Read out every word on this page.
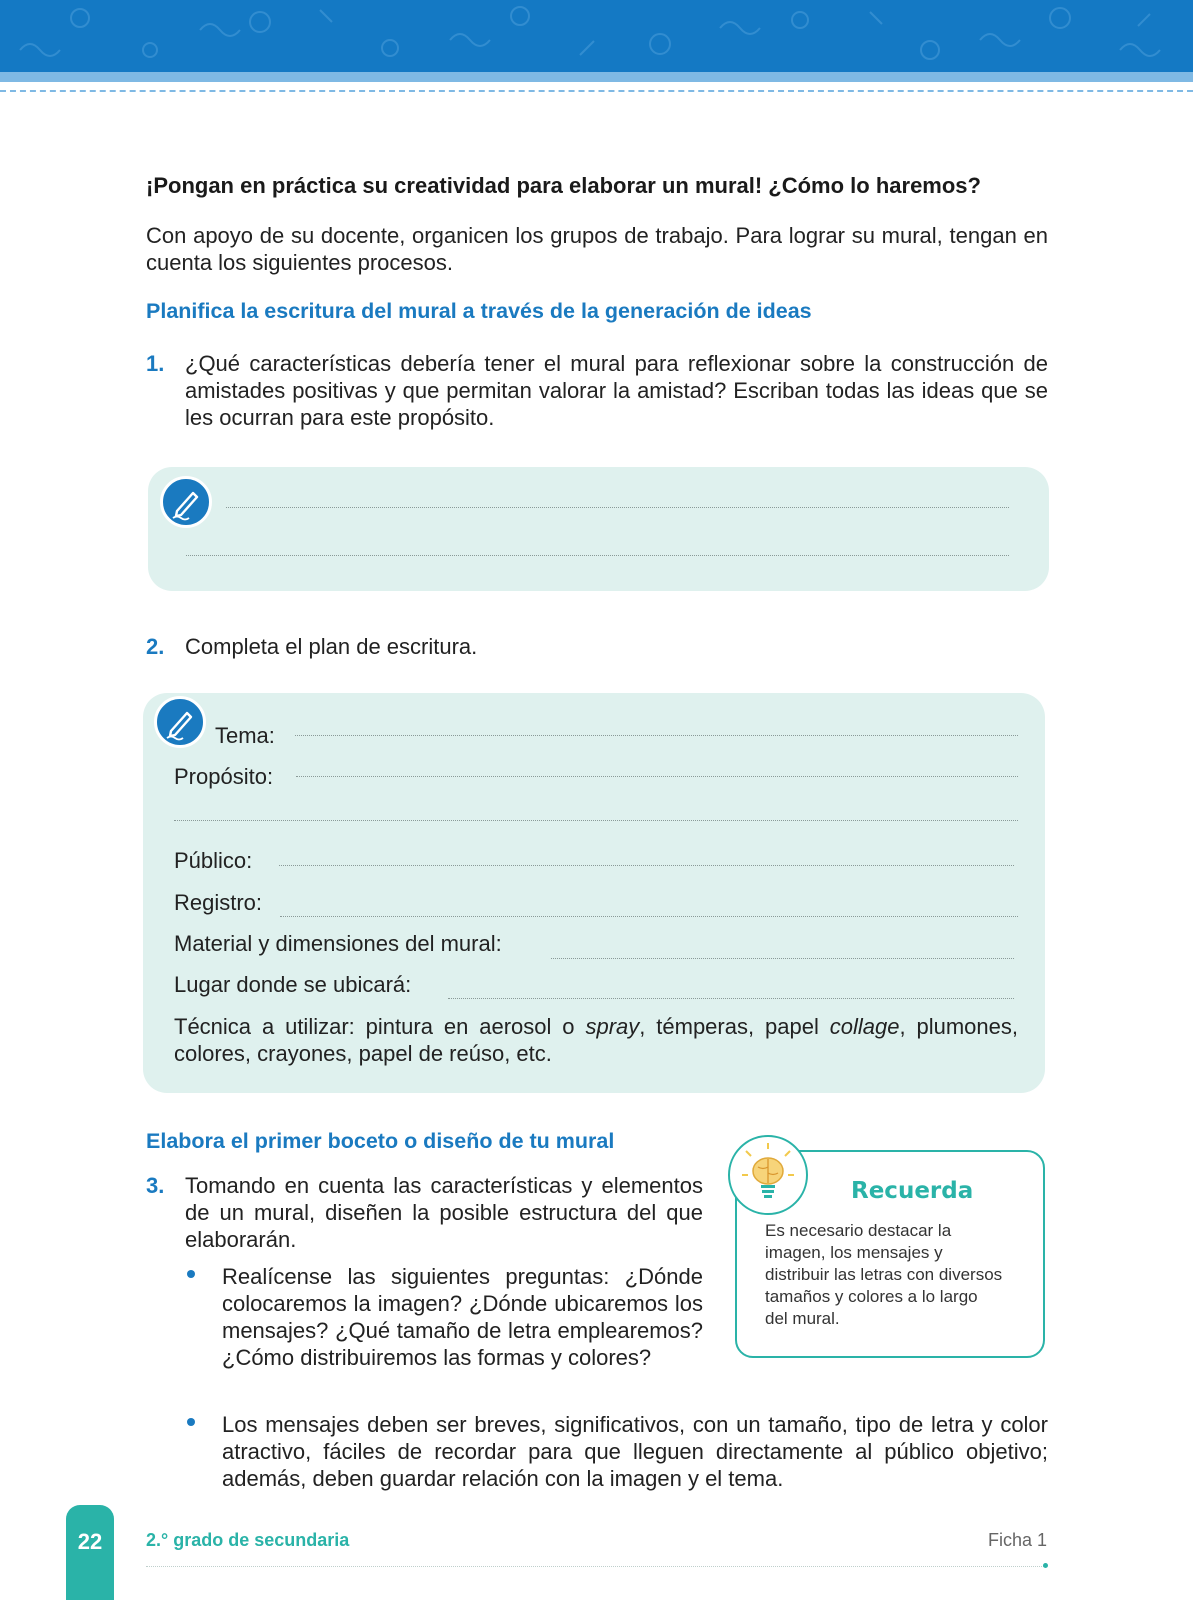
¡Pongan en práctica su creatividad para elaborar un mural! ¿Cómo lo haremos?

Con apoyo de su docente, organicen los grupos de trabajo. Para lograr su mural, tengan en cuenta los siguientes procesos.

Planifica la escritura del mural a través de la generación de ideas
1. ¿Qué características debería tener el mural para reflexionar sobre la construcción de amistades positivas y que permitan valorar la amistad? Escriban todas las ideas que se les ocurran para este propósito.

2. Completa el plan de escritura.

Tema:
Propósito:
Público:
Registro:
Material y dimensiones del mural:
Lugar donde se ubicará:

Técnica a utilizar: pintura en aerosol o spray, témperas, papel collage, plumones, colores, crayones, papel de reúso, etc.

Elabora el primer boceto o diseño de tu mural
3. Tomando en cuenta las características y elementos de un mural, diseñen la posible estructura del que elaborarán.

Realícense las siguientes preguntas: ¿Dónde colocaremos la imagen? ¿Dónde ubicaremos los mensajes? ¿Qué tamaño de letra emplearemos? ¿Cómo distribuiremos las formas y colores?

Los mensajes deben ser breves, significativos, con un tamaño, tipo de letra y color atractivo, fáciles de recordar para que lleguen directamente al público objetivo; además, deben guardar relación con la imagen y el tema.

Recuerda

Es necesario destacar la imagen, los mensajes y distribuir las letras con diversos tamaños y colores a lo largo del mural.

22	2.° grado de secundaria	Ficha 1
